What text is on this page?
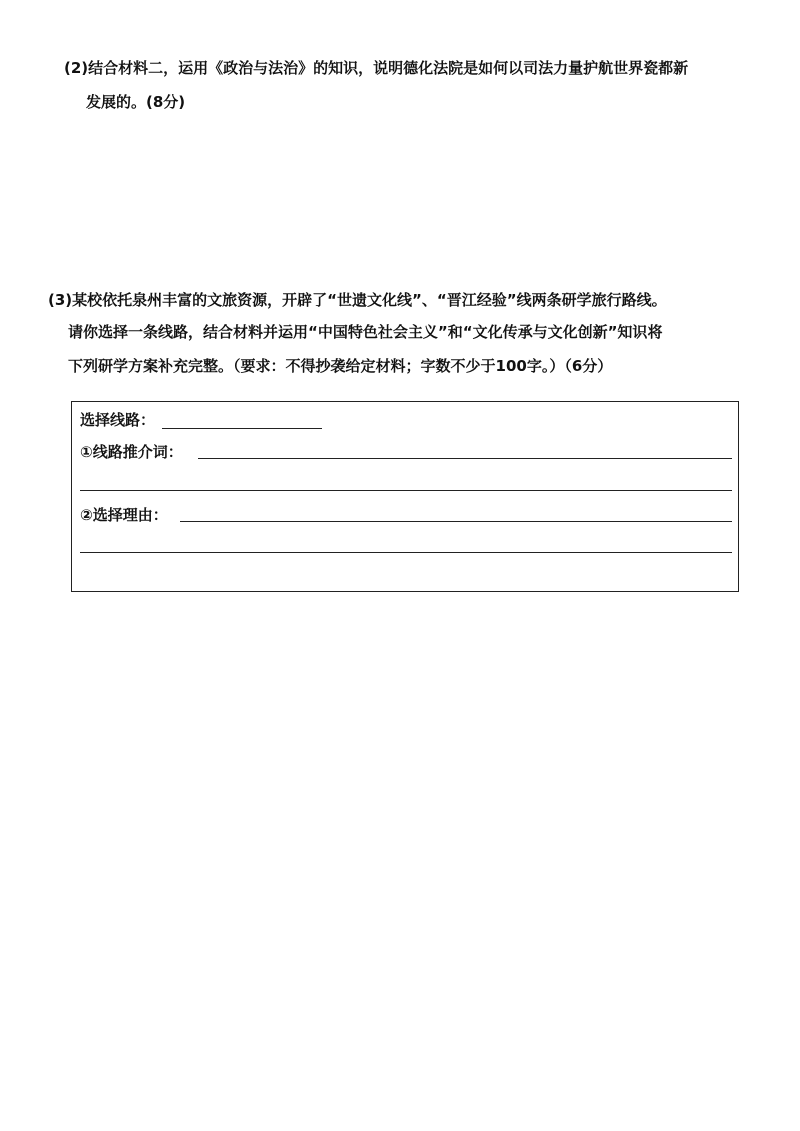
(2)结合材料二，运用《政治与法治》的知识，说明德化法院是如何以司法力量护航世界瓷都新
发展的。(8分)
(3)某校依托泉州丰富的文旅资源，开辟了“世遗文化线”、“晋江经验”线两条研学旅行路线。
请你选择一条线路，结合材料并运用“中国特色社会主义”和“文化传承与文化创新”知识将
下列研学方案补充完整。（要求：不得抄袭给定材料；字数不少于100字。）（6分）
选择线路：
①线路推介词：
②选择理由：
